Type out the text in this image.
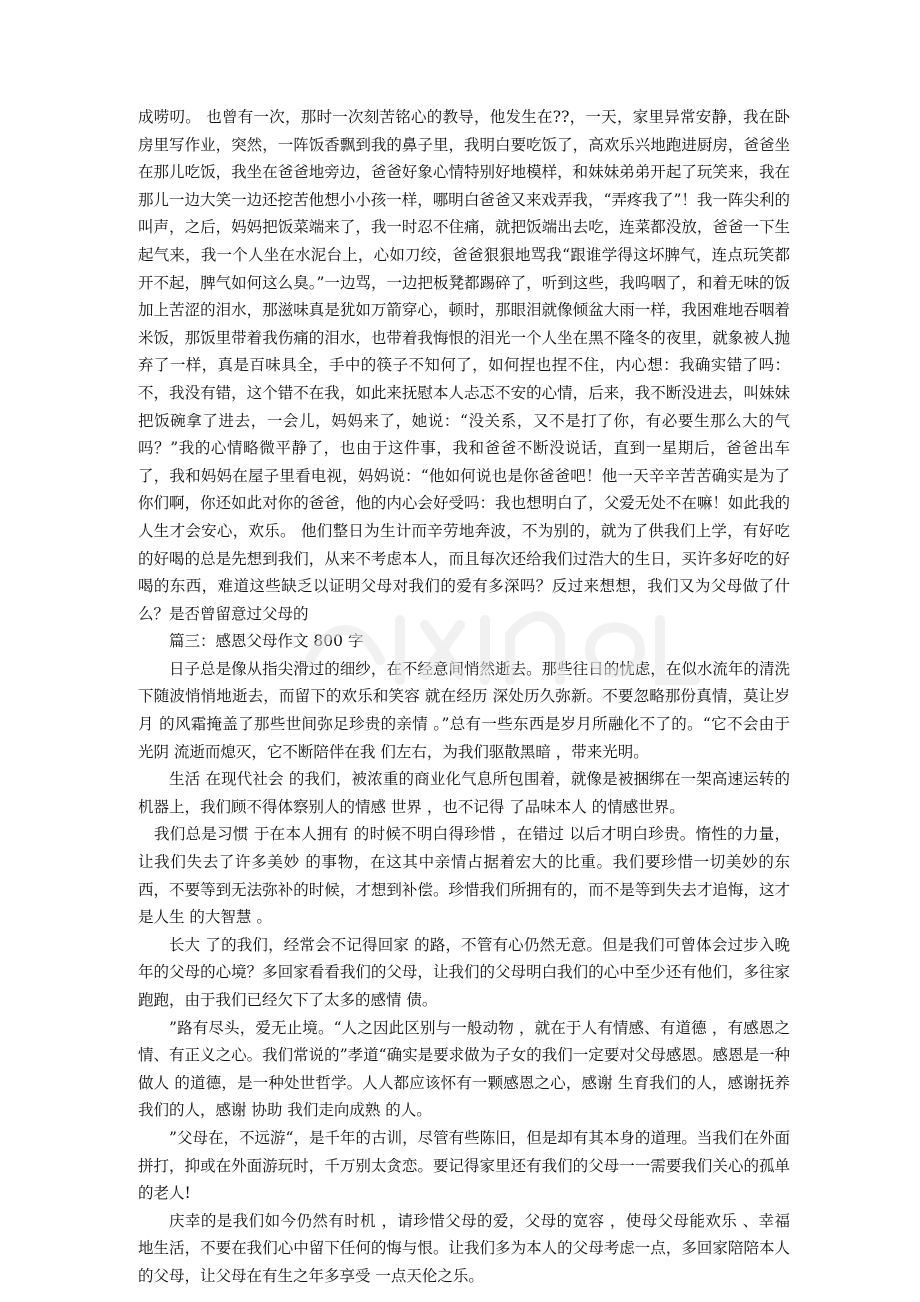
成唠叨。 也曾有一次，那时一次刻苦铭心的教导，他发生在??，一天，家里异常安静，我在卧房里写作业，突然，一阵饭香飘到我的鼻子里，我明白要吃饭了，高欢乐兴地跑进厨房，爸爸坐在那儿吃饭，我坐在爸爸地旁边，爸爸好象心情特别好地模样，和妹妹弟弟开起了玩笑来，我在那儿一边大笑一边还挖苦他想小小孩一样，哪明白爸爸又来戏弄我，“弄疼我了”！我一阵尖利的叫声，之后，妈妈把饭菜端来了，我一时忍不住痛，就把饭端出去吃，连菜都没放，爸爸一下生起气来，我一个人坐在水泥台上，心如刀绞，爸爸狠狠地骂我“跟谁学得这坏脾气，连点玩笑都开不起，脾气如何这么臭。”一边骂，一边把板凳都踢碎了，听到这些，我呜咽了，和着无味的饭加上苦涩的泪水，那滋味真是犹如万箭穿心，顿时，那眼泪就像倾盆大雨一样，我困难地吞咽着米饭，那饭里带着我伤痛的泪水，也带着我悔恨的泪光一个人坐在黑不隆冬的夜里，就象被人抛弃了一样，真是百味具全，手中的筷子不知何了，如何捏也捏不住，内心想：我确实错了吗：不，我没有错，这个错不在我，如此来抚慰本人忐忑不安的心情，后来，我不断没进去，叫妹妹把饭碗拿了进去，一会儿，妈妈来了，她说：“没关系，又不是打了你，有必要生那么大的气吗？”我的心情略微平静了，也由于这件事，我和爸爸不断没说话，直到一星期后，爸爸出车了，我和妈妈在屋子里看电视，妈妈说：“他如何说也是你爸爸吧！他一天辛辛苦苦确实是为了你们啊，你还如此对你的爸爸，他的内心会好受吗：我也想明白了，父爱无处不在嘛！如此我的人生才会安心，欢乐。 他们整日为生计而辛劳地奔波，不为别的，就为了供我们上学，有好吃的好喝的总是先想到我们，从来不考虑本人，而且每次还给我们过浩大的生日，买许多好吃的好喝的东西，难道这些缺乏以证明父母对我们的爱有多深吗？反过来想想，我们又为父母做了什么？是否曾留意过父母的

篇三：感恩父母作文 800 字

日子总是像从指尖滑过的细纱，在不经意间悄然逝去。那些往日的忧虑，在似水流年的清洗下随波悄悄地逝去，而留下的欢乐和笑容 就在经历 深处历久弥新。不要忽略那份真情，莫让岁月 的风霜掩盖了那些世间弥足珍贵的亲情 。”总有一些东西是岁月所融化不了的。“它不会由于光阴 流逝而熄灭，它不断陪伴在我 们左右，为我们驱散黑暗 ，带来光明。

生活 在现代社会 的我们，被浓重的商业化气息所包围着，就像是被捆绑在一架高速运转的机器上，我们顾不得体察别人的情感 世界 ，也不记得 了品味本人 的情感世界。

我们总是习惯 于在本人拥有 的时候不明白得珍惜 ，在错过 以后才明白珍贵。惰性的力量，让我们失去了许多美妙 的事物，在这其中亲情占据着宏大的比重。我们要珍惜一切美妙的东西，不要等到无法弥补的时候，才想到补偿。珍惜我们所拥有的，而不是等到失去才追悔，这才是人生 的大智慧 。

长大 了的我们，经常会不记得回家 的路，不管有心仍然无意。但是我们可曾体会过步入晚年的父母的心境？多回家看看我们的父母，让我们的父母明白我们的心中至少还有他们，多往家跑跑，由于我们已经欠下了太多的感情 债。

”路有尽头，爱无止境。“人之因此区别与一般动物 ，就在于人有情感、有道德 ，有感恩之情、有正义之心。我们常说的”孝道“确实是要求做为子女的我们一定要对父母感恩。感恩是一种做人 的道德，是一种处世哲学。人人都应该怀有一颗感恩之心，感谢 生育我们的人，感谢抚养我们的人，感谢 协助 我们走向成熟 的人。

”父母在，不远游“，是千年的古训，尽管有些陈旧，但是却有其本身的道理。当我们在外面拼打，抑或在外面游玩时，千万别太贪恋。要记得家里还有我们的父母一一需要我们关心的孤单 的老人!

庆幸的是我们如今仍然有时机 ，请珍惜父母的爱，父母的宽容 ，使母父母能欢乐 、幸福 地生活，不要在我们心中留下任何的悔与恨。让我们多为本人的父母考虑一点，多回家陪陪本人的父母，让父母在有生之年多享受 一点天伦之乐。
